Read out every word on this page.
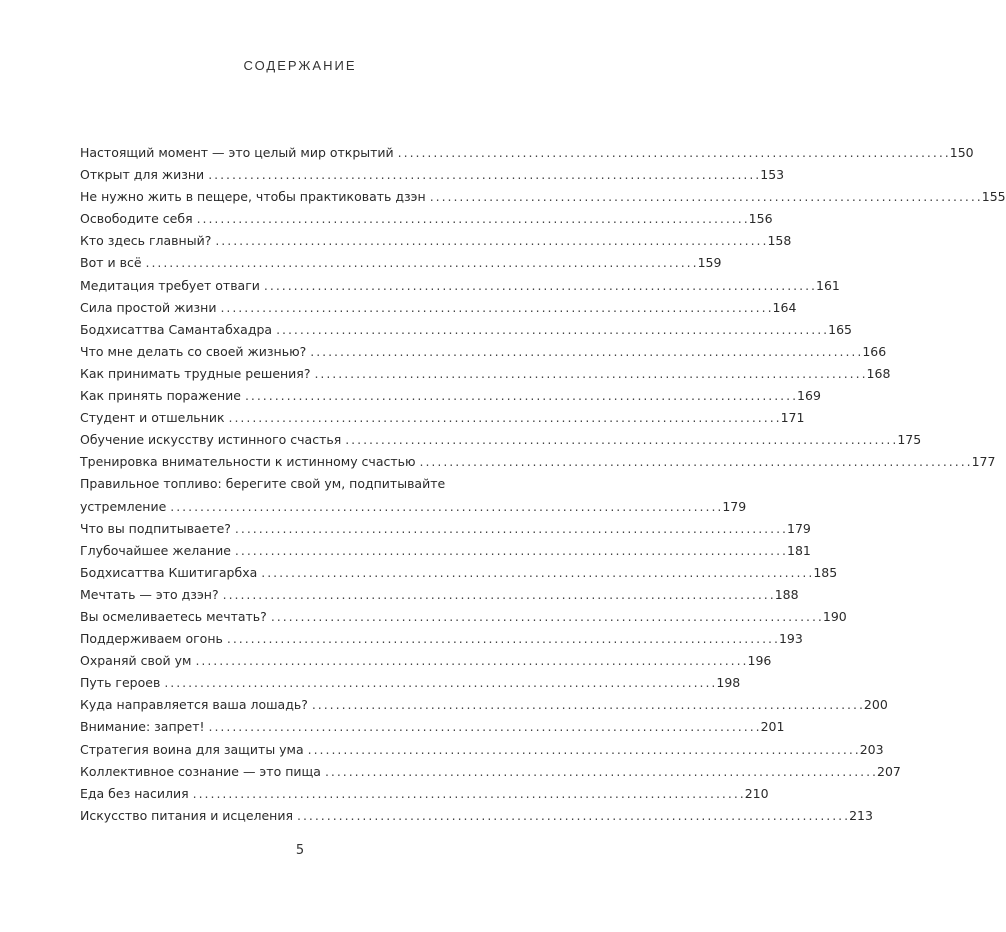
СОДЕРЖАНИЕ
Настоящий момент — это целый мир открытий . . .	150
Открыт для жизни . . .	153
Не нужно жить в пещере, чтобы практиковать дзэн . . .	155
Освободите себя . . .	156
Кто здесь главный? . . .	158
Вот и всё . . .	159
Медитация требует отваги . . .	161
Сила простой жизни . . .	164
Бодхисаттва Самантабхадра . . .	165
Что мне делать со своей жизнью? . . .	166
Как принимать трудные решения? . . .	168
Как принять поражение . . .	169
Студент и отшельник . . .	171
Обучение искусству истинного счастья . . .	175
Тренировка внимательности к истинному счастью . . .	177
Правильное топливо: берегите свой ум, подпитывайте
устремление . . .	179
Что вы подпитываете? . . .	179
Глубочайшее желание . . .	181
Бодхисаттва Кшитигарбха . . .	185
Мечтать — это дзэн? . . .	188
Вы осмеливаетесь мечтать? . . .	190
Поддерживаем огонь . . .	193
Охраняй свой ум . . .	196
Путь героев . . .	198
Куда направляется ваша лошадь? . . .	200
Внимание: запрет! . . .	201
Стратегия воина для защиты ума . . .	203
Коллективное сознание — это пища . . .	207
Еда без насилия . . .	210
Искусство питания и исцеления . . .	213
5
